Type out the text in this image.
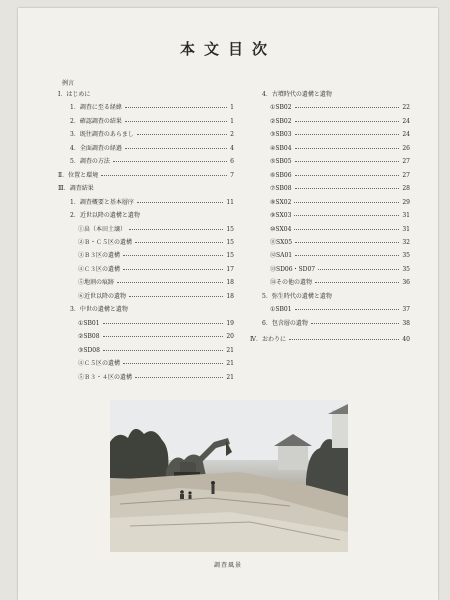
本文目次
例言
Ⅰ．はじめに
1．調査に至る経緯	1
2．確認調査の結果	1
3．既往調査のあらまし	2
4．全面調査の経過	4
5．調査の方法	6
Ⅱ．位置と環境	7
Ⅲ．調査結果
1．調査概要と基本層序	11
2．近世以降の遺構と遺物
①畠（本田土壌）	15
②Ｂ・Ｃ５区の遺構	15
③Ｂ３区の遺構	15
④Ｃ３区の遺構	17
⑤地割の痕跡	18
⑥近世以降の遺物	18
3．中世の遺構と遺物
①SB01	19
②SB08	20
③SD08	21
④Ｃ５区の遺構	21
⑤Ｂ３・４区の遺構	21
4．古墳時代の遺構と遺物
①SB02	22
②SB02	24
③SB03	24
④SB04	26
⑤SB05	27
⑥SB06	27
⑦SB08	28
⑧SX02	29
⑨SX03	31
⑩SX04	31
⑪SX05	32
⑫SA01	35
⑬SD06・SD07	35
⑭その他の遺物	36
5．弥生時代の遺構と遺物
①SB01	37
6．包含層の遺物	38
Ⅳ．おわりに	40
調査風景
